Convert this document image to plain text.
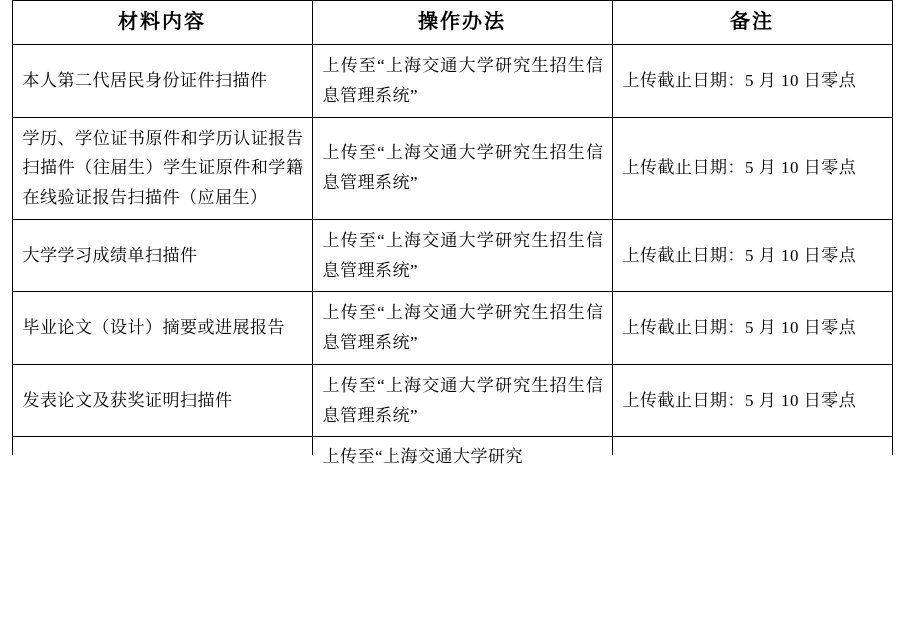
材料内容	操作办法	备注
本人第二代居民身份证件扫描件	上传至“上海交通大学研究生招生信息管理系统”	上传截止日期：5 月 10 日零点
学历、学位证书原件和学历认证报告扫描件（往届生）学生证原件和学籍在线验证报告扫描件（应届生）	上传至“上海交通大学研究生招生信息管理系统”	上传截止日期：5 月 10 日零点
大学学习成绩单扫描件	上传至“上海交通大学研究生招生信息管理系统”	上传截止日期：5 月 10 日零点
毕业论文（设计）摘要或进展报告	上传至“上海交通大学研究生招生信息管理系统”	上传截止日期：5 月 10 日零点
发表论文及获奖证明扫描件	上传至“上海交通大学研究生招生信息管理系统”	上传截止日期：5 月 10 日零点

	上传至“上海交通大学研究	
